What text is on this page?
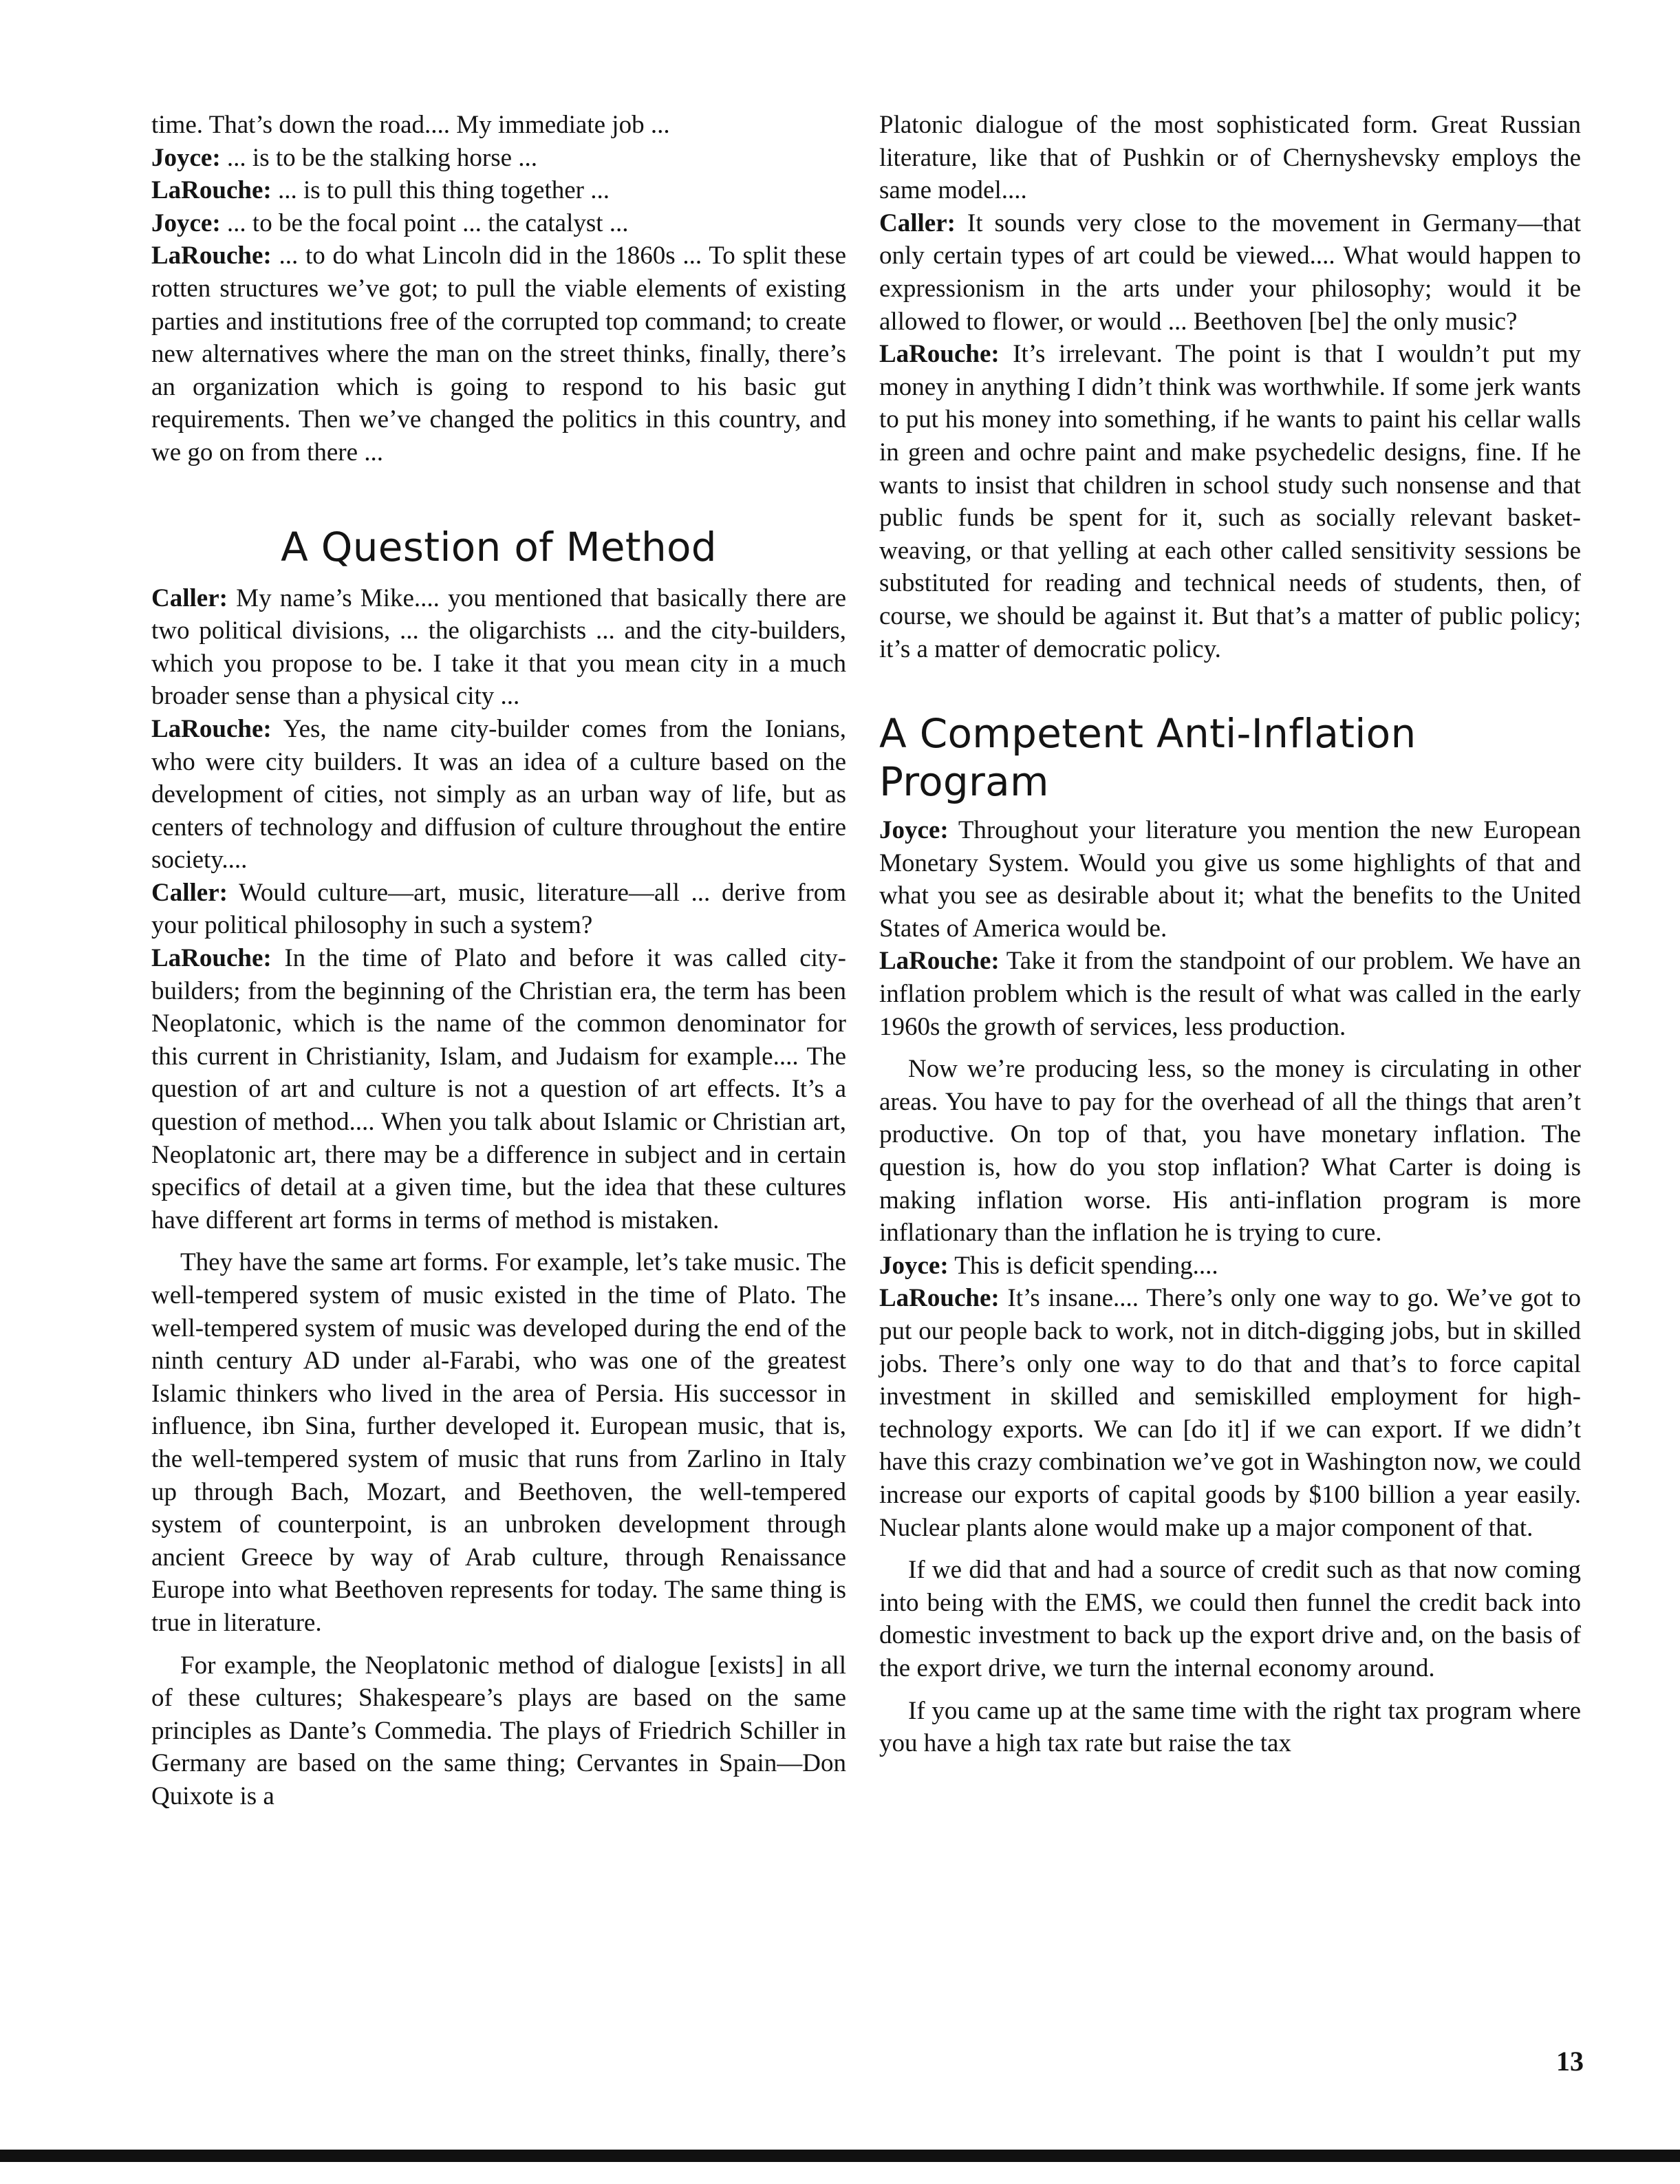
time. That’s down the road.... My immediate job ...

Joyce: ... is to be the stalking horse ...

LaRouche: ... is to pull this thing together ...

Joyce: ... to be the focal point ... the catalyst ...

LaRouche: ... to do what Lincoln did in the 1860s ... To split these rotten structures we’ve got; to pull the viable elements of existing parties and institutions free of the corrupted top command; to create new alternatives where the man on the street thinks, finally, there’s an organization which is going to respond to his basic gut requirements. Then we’ve changed the politics in this country, and we go on from there ...

A Question of Method

Caller: My name’s Mike.... you mentioned that basically there are two political divisions, ... the oligarchists ... and the city-builders, which you propose to be. I take it that you mean city in a much broader sense than a physical city ...

LaRouche: Yes, the name city-builder comes from the Ionians, who were city builders. It was an idea of a culture based on the development of cities, not simply as an urban way of life, but as centers of technology and diffusion of culture throughout the entire society....

Caller: Would culture—art, music, literature—all ... derive from your political philosophy in such a system?

LaRouche: In the time of Plato and before it was called city-builders; from the beginning of the Christian era, the term has been Neoplatonic, which is the name of the common denominator for this current in Christianity, Islam, and Judaism for example.... The question of art and culture is not a question of art effects. It’s a question of method.... When you talk about Islamic or Christian art, Neoplatonic art, there may be a difference in subject and in certain specifics of detail at a given time, but the idea that these cultures have different art forms in terms of method is mistaken.

They have the same art forms. For example, let’s take music. The well-tempered system of music existed in the time of Plato. The well-tempered system of music was developed during the end of the ninth century AD under al-Farabi, who was one of the greatest Islamic thinkers who lived in the area of Persia. His successor in influence, ibn Sina, further developed it. European music, that is, the well-tempered system of music that runs from Zarlino in Italy up through Bach, Mozart, and Beethoven, the well-tempered system of counterpoint, is an unbroken development through ancient Greece by way of Arab culture, through Renaissance Europe into what Beethoven represents for today. The same thing is true in literature.

For example, the Neoplatonic method of dialogue [exists] in all of these cultures; Shakespeare’s plays are based on the same principles as Dante’s Commedia. The plays of Friedrich Schiller in Germany are based on the same thing; Cervantes in Spain—Don Quixote is a

Platonic dialogue of the most sophisticated form. Great Russian literature, like that of Pushkin or of Chernyshevsky employs the same model....

Caller: It sounds very close to the movement in Germany—that only certain types of art could be viewed.... What would happen to expressionism in the arts under your philosophy; would it be allowed to flower, or would ... Beethoven [be] the only music?

LaRouche: It’s irrelevant. The point is that I wouldn’t put my money in anything I didn’t think was worthwhile. If some jerk wants to put his money into something, if he wants to paint his cellar walls in green and ochre paint and make psychedelic designs, fine. If he wants to insist that children in school study such nonsense and that public funds be spent for it, such as socially relevant basket-weaving, or that yelling at each other called sensitivity sessions be substituted for reading and technical needs of students, then, of course, we should be against it. But that’s a matter of public policy; it’s a matter of democratic policy.

A Competent Anti-Inflation Program

Joyce: Throughout your literature you mention the new European Monetary System. Would you give us some highlights of that and what you see as desirable about it; what the benefits to the United States of America would be.

LaRouche: Take it from the standpoint of our problem. We have an inflation problem which is the result of what was called in the early 1960s the growth of services, less production.

Now we’re producing less, so the money is circulating in other areas. You have to pay for the overhead of all the things that aren’t productive. On top of that, you have monetary inflation. The question is, how do you stop inflation? What Carter is doing is making inflation worse. His anti-inflation program is more inflationary than the inflation he is trying to cure.

Joyce: This is deficit spending....

LaRouche: It’s insane.... There’s only one way to go. We’ve got to put our people back to work, not in ditch-digging jobs, but in skilled jobs. There’s only one way to do that and that’s to force capital investment in skilled and semiskilled employment for high-technology exports. We can [do it] if we can export. If we didn’t have this crazy combination we’ve got in Washington now, we could increase our exports of capital goods by $100 billion a year easily. Nuclear plants alone would make up a major component of that.

If we did that and had a source of credit such as that now coming into being with the EMS, we could then funnel the credit back into domestic investment to back up the export drive and, on the basis of the export drive, we turn the internal economy around.

If you came up at the same time with the right tax program where you have a high tax rate but raise the tax

13
